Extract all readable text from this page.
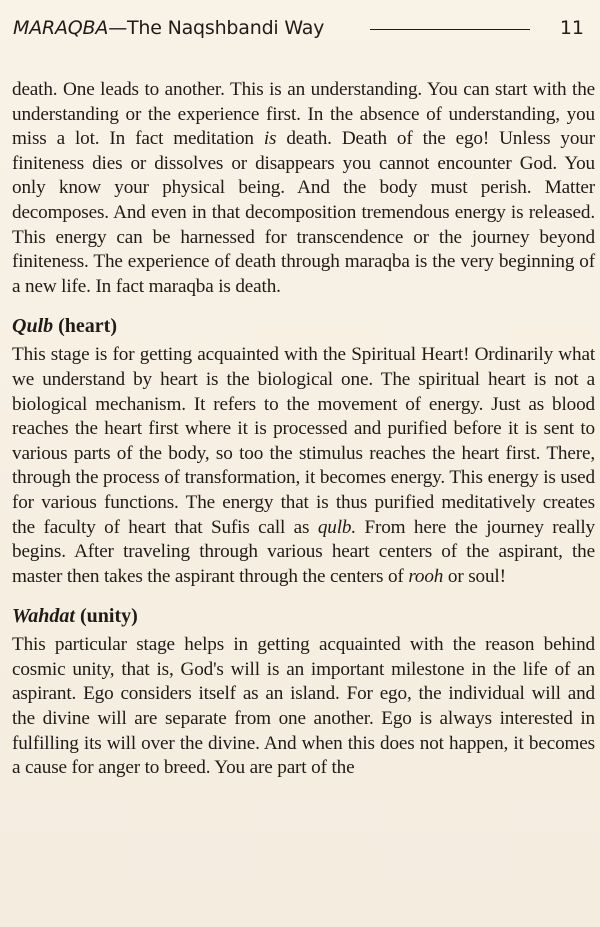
MARAQBA—The Naqshbandi Way	11

death. One leads to another. This is an understanding. You can start with the understanding or the experience first. In the absence of understanding, you miss a lot. In fact meditation is death. Death of the ego! Unless your finiteness dies or dissolves or disappears you cannot encounter God. You only know your physical being. And the body must perish. Matter decomposes. And even in that decomposition tremendous energy is released. This energy can be harnessed for transcendence or the journey beyond finiteness. The experience of death through maraqba is the very beginning of a new life. In fact maraqba is death.

Qulb (heart)

This stage is for getting acquainted with the Spiritual Heart! Ordinarily what we understand by heart is the biological one. The spiritual heart is not a biological mechanism. It refers to the movement of energy. Just as blood reaches the heart first where it is processed and purified before it is sent to various parts of the body, so too the stimulus reaches the heart first. There, through the process of transformation, it becomes energy. This energy is used for various functions. The energy that is thus purified meditatively creates the faculty of heart that Sufis call as qulb. From here the journey really begins. After traveling through various heart centers of the aspirant, the master then takes the aspirant through the centers of rooh or soul!

Wahdat (unity)

This particular stage helps in getting acquainted with the reason behind cosmic unity, that is, God's will is an important milestone in the life of an aspirant. Ego considers itself as an island. For ego, the individual will and the divine will are separate from one another. Ego is always interested in fulfilling its will over the divine. And when this does not happen, it becomes a cause for anger to breed. You are part of the
